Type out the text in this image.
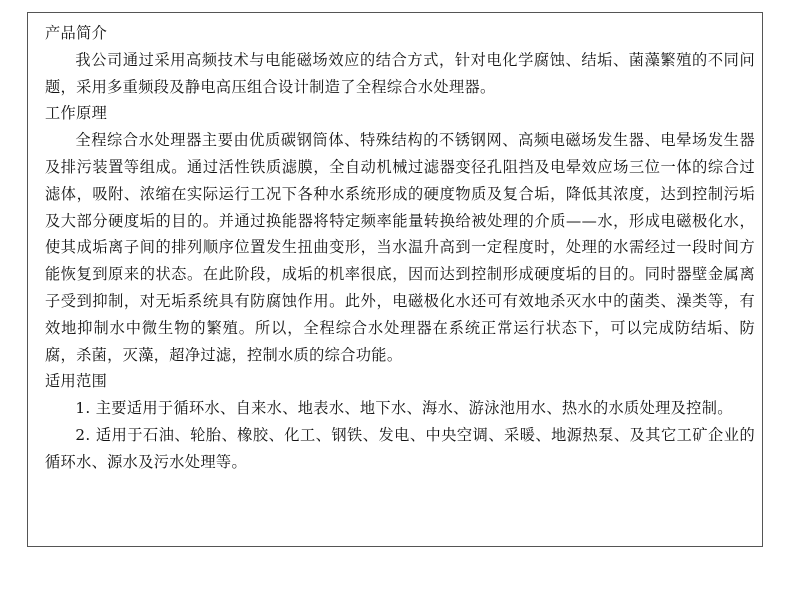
产品简介

我公司通过采用高频技术与电能磁场效应的结合方式，针对电化学腐蚀、结垢、菌藻繁殖的不同问题，采用多重频段及静电高压组合设计制造了全程综合水处理器。

工作原理

全程综合水处理器主要由优质碳钢筒体、特殊结构的不锈钢网、高频电磁场发生器、电晕场发生器及排污装置等组成。通过活性铁质滤膜，全自动机械过滤器变径孔阻挡及电晕效应场三位一体的综合过滤体，吸附、浓缩在实际运行工况下各种水系统形成的硬度物质及复合垢，降低其浓度，达到控制污垢及大部分硬度垢的目的。并通过换能器将特定频率能量转换给被处理的介质——水，形成电磁极化水，使其成垢离子间的排列顺序位置发生扭曲变形，当水温升高到一定程度时，处理的水需经过一段时间方能恢复到原来的状态。在此阶段，成垢的机率很底，因而达到控制形成硬度垢的目的。同时器壁金属离子受到抑制，对无垢系统具有防腐蚀作用。此外，电磁极化水还可有效地杀灭水中的菌类、澡类等，有效地抑制水中微生物的繁殖。所以，全程综合水处理器在系统正常运行状态下，可以完成防结垢、防腐，杀菌，灭藻，超净过滤，控制水质的综合功能。

适用范围

1. 主要适用于循环水、自来水、地表水、地下水、海水、游泳池用水、热水的水质处理及控制。

2. 适用于石油、轮胎、橡胶、化工、钢铁、发电、中央空调、采暖、地源热泵、及其它工矿企业的循环水、源水及污水处理等。
